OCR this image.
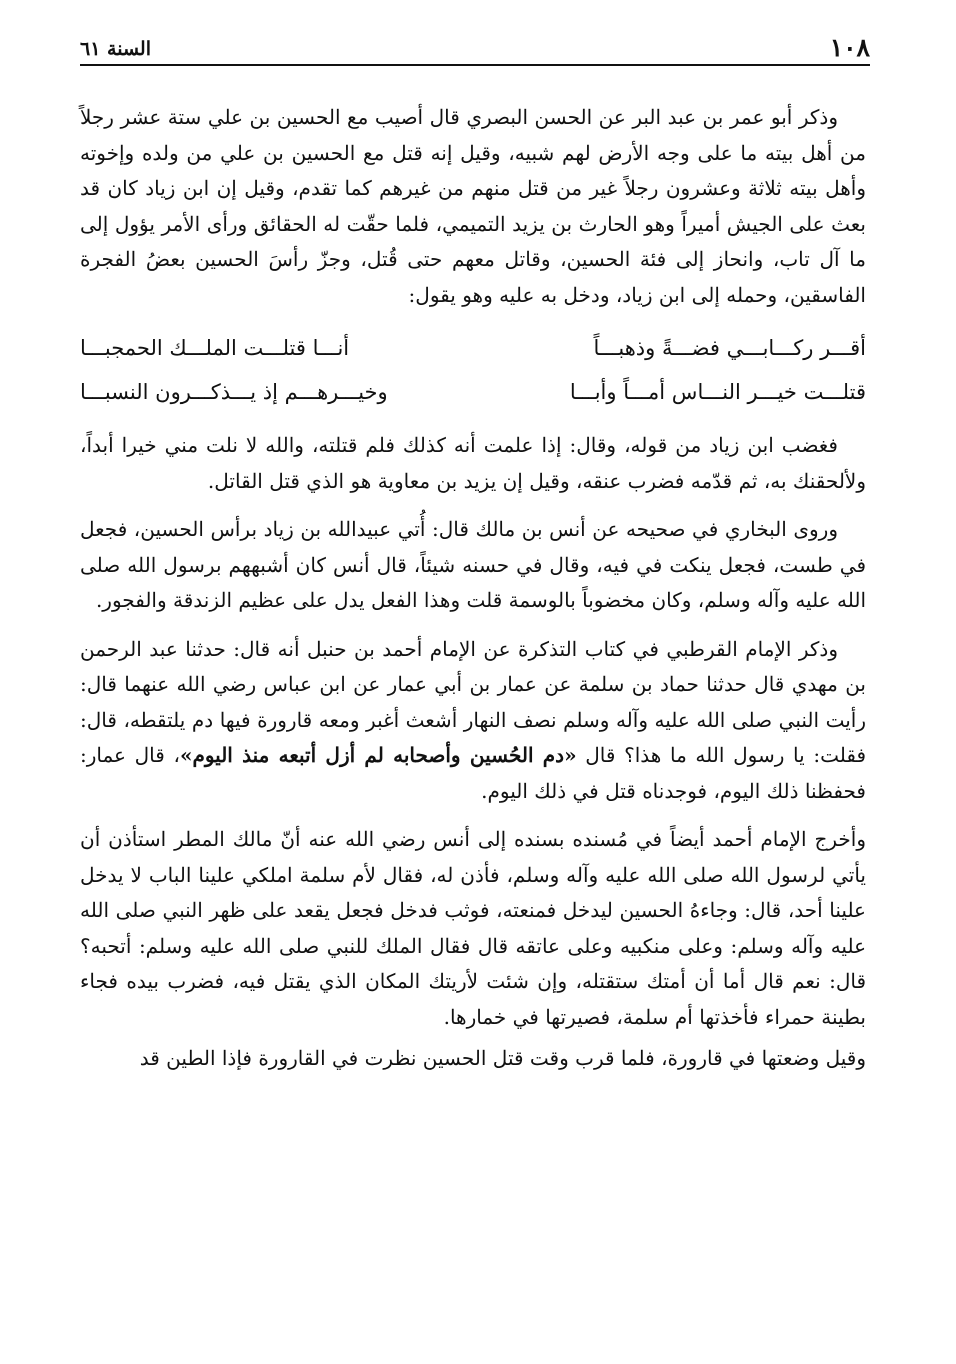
١٠٨
السنة ٦١

وذكر أبو عمر بن عبد البر عن الحسن البصري قال أصيب مع الحسين بن علي ستة عشر رجلاً من أهل بيته ما على وجه الأرض لهم شبيه، وقيل إنه قتل مع الحسين بن علي من ولده وإخوته وأهل بيته ثلاثة وعشرون رجلاً غير من قتل منهم من غيرهم كما تقدم، وقيل إن ابن زياد كان قد بعث على الجيش أميراً وهو الحارث بن يزيد التميمي، فلما حقّت له الحقائق ورأى الأمر يؤول إلى ما آل تاب، وانحاز إلى فئة الحسين، وقاتل معهم حتى قُتل، وجزّ رأسَ الحسين بعضُ الفجرة الفاسقين، وحمله إلى ابن زياد، ودخل به عليه وهو يقول:

أقـــر ركـــابـــي فضـــةً وذهبـــاً
أنـــا قتلـــت الملـــك الحمجبـــا
قتلـــت خيـــر النـــاس أمـــاً وأبـــا
وخيـــرهـــم إذ يـــذكـــرون النسبـــا

فغضب ابن زياد من قوله، وقال: إذا علمت أنه كذلك فلم قتلته، والله لا نلت مني خيرا أبداً، ولألحقنك به، ثم قدّمه فضرب عنقه، وقيل إن يزيد بن معاوية هو الذي قتل القاتل.

وروى البخاري في صحيحه عن أنس بن مالك قال: أُتي عبيدالله بن زياد برأس الحسين، فجعل في طست، فجعل ينكت في فيه، وقال في حسنه شيئاً، قال أنس كان أشبههم برسول الله صلى الله عليه وآله وسلم، وكان مخضوباً بالوسمة قلت وهذا الفعل يدل على عظيم الزندقة والفجور.

وذكر الإمام القرطبي في كتاب التذكرة عن الإمام أحمد بن حنبل أنه قال: حدثنا عبد الرحمن بن مهدي قال حدثنا حماد بن سلمة عن عمار بن أبي عمار عن ابن عباس رضي الله عنهما قال: رأيت النبي صلى الله عليه وآله وسلم نصف النهار أشعث أغبر ومعه قارورة فيها دم يلتقطه، قال: فقلت: يا رسول الله ما هذا؟ قال «دم الحُسين وأصحابه لم أزل أتبعه منذ اليوم»، قال عمار: فحفظنا ذلك اليوم، فوجدناه قتل في ذلك اليوم.

وأخرج الإمام أحمد أيضاً في مُسنده بسنده إلى أنس رضي الله عنه أنّ مالك المطر استأذن أن يأتي لرسول الله صلى الله عليه وآله وسلم، فأذن له، فقال لأم سلمة املكي علينا الباب لا يدخل علينا أحد، قال: وجاءهُ الحسين ليدخل فمنعته، فوثب فدخل فجعل يقعد على ظهر النبي صلى الله عليه وآله وسلم: وعلى منكبيه وعلى عاتقه قال فقال الملك للنبي صلى الله عليه وسلم: أتحبه؟ قال: نعم قال أما أن أمتك ستقتله، وإن شئت لأريتك المكان الذي يقتل فيه، فضرب بيده فجاء بطينة حمراء فأخذتها أم سلمة، فصيرتها في خمارها.

وقيل وضعتها في قارورة، فلما قرب وقت قتل الحسين نظرت في القارورة فإذا الطين قد
